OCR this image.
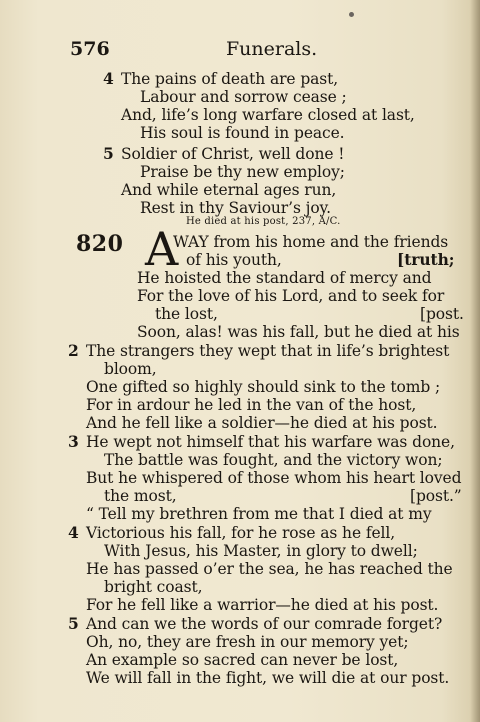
576	Funerals.
4 The pains of death are past,
Labour and sorrow cease ;
And, life’s long warfare closed at last,
His soul is found in peace.
5 Soldier of Christ, well done !
Praise be thy new employ;
And while eternal ages run,
Rest in thy Saviour’s joy.
He died at his post, 237, A/C.
820 A
WAY from his home and the friends
of his youth,	[truth;
He hoisted the standard of mercy and
For the love of his Lord, and to seek for
the lost,	[post.
Soon, alas! was his fall, but he died at his
2 The strangers they wept that in life’s brightest
bloom,
One gifted so highly should sink to the tomb ;
For in ardour he led in the van of the host,
And he fell like a soldier—he died at his post.
3 He wept not himself that his warfare was done,
The battle was fought, and the victory won;
But he whispered of those whom his heart loved
the most,	[post.”
“ Tell my brethren from me that I died at my
4 Victorious his fall, for he rose as he fell,
With Jesus, his Master, in glory to dwell;
He has passed o’er the sea, he has reached the
bright coast,
For he fell like a warrior—he died at his post.
5 And can we the words of our comrade forget?
Oh, no, they are fresh in our memory yet;
An example so sacred can never be lost,
We will fall in the fight, we will die at our post.
